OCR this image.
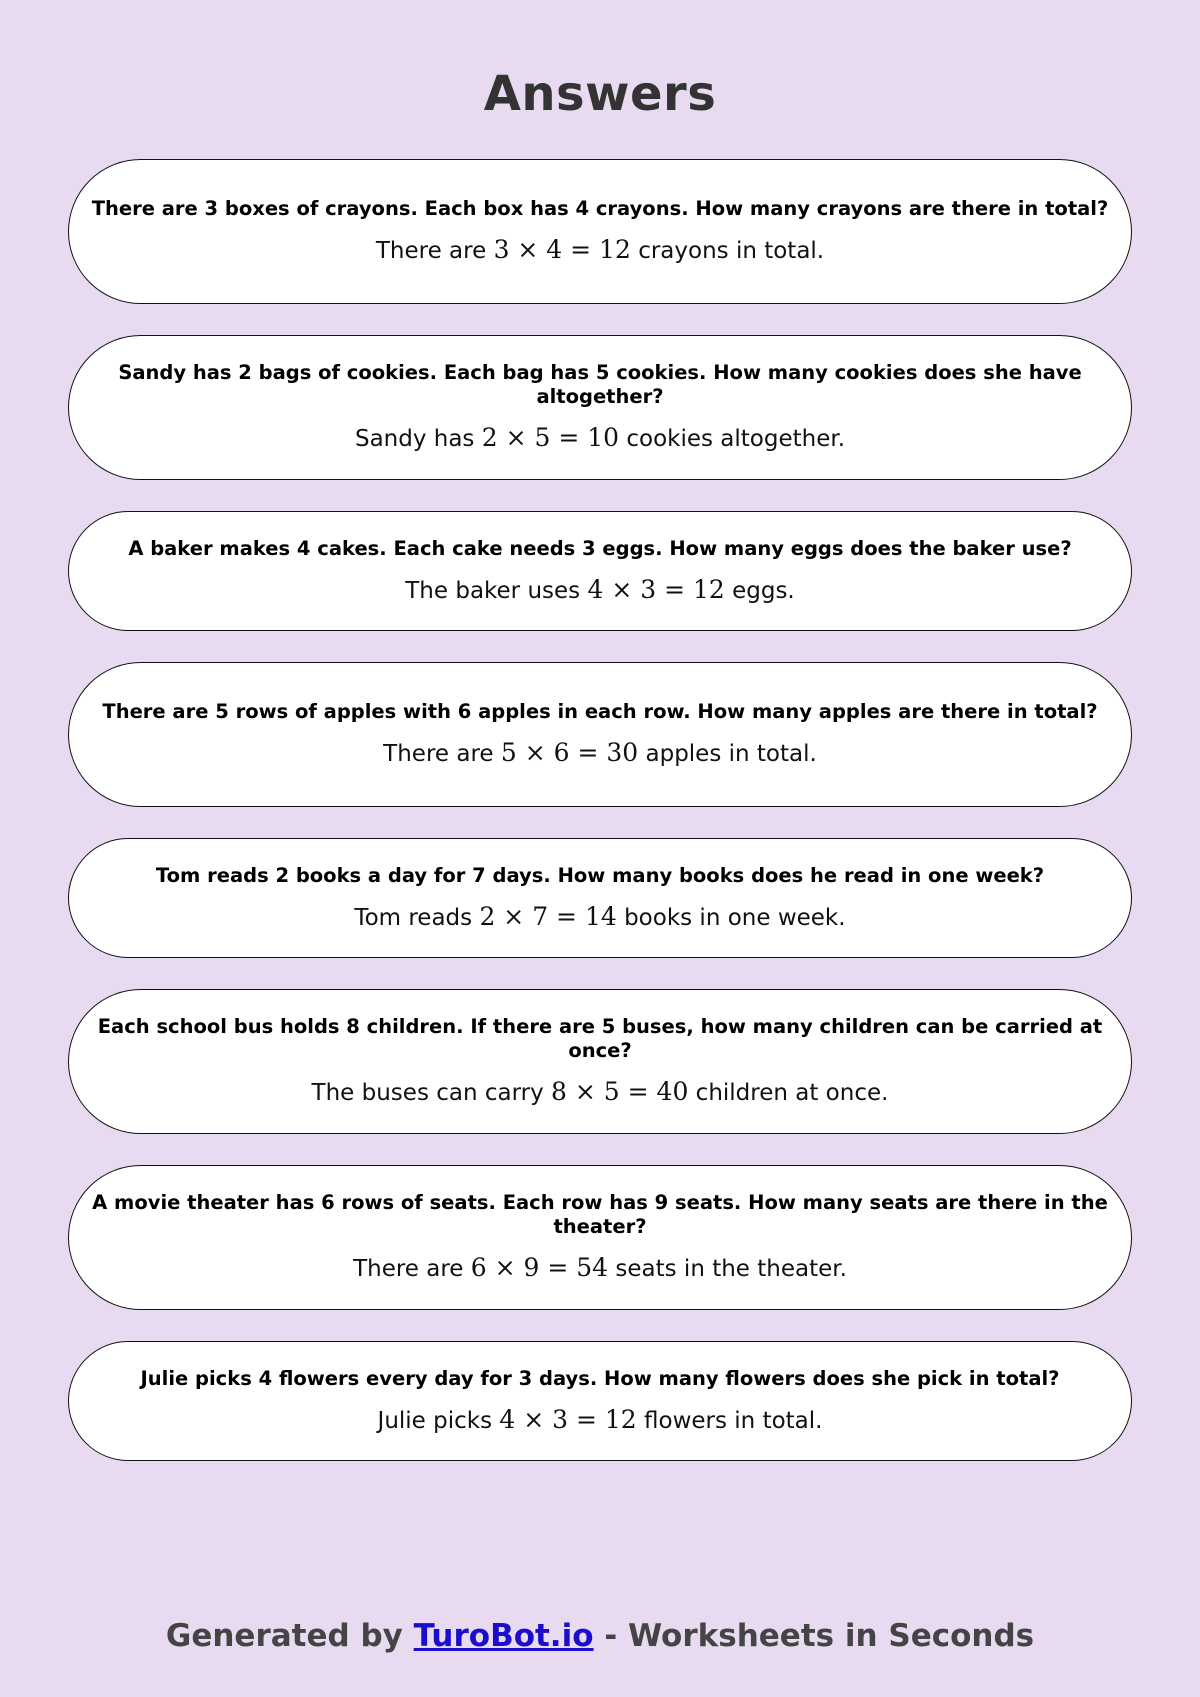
Answers
There are 3 boxes of crayons. Each box has 4 crayons. How many crayons are there in total?
There are 3 × 4 = 12 crayons in total.
Sandy has 2 bags of cookies. Each bag has 5 cookies. How many cookies does she have altogether?
Sandy has 2 × 5 = 10 cookies altogether.
A baker makes 4 cakes. Each cake needs 3 eggs. How many eggs does the baker use?
The baker uses 4 × 3 = 12 eggs.
There are 5 rows of apples with 6 apples in each row. How many apples are there in total?
There are 5 × 6 = 30 apples in total.
Tom reads 2 books a day for 7 days. How many books does he read in one week?
Tom reads 2 × 7 = 14 books in one week.
Each school bus holds 8 children. If there are 5 buses, how many children can be carried at once?
The buses can carry 8 × 5 = 40 children at once.
A movie theater has 6 rows of seats. Each row has 9 seats. How many seats are there in the theater?
There are 6 × 9 = 54 seats in the theater.
Julie picks 4 flowers every day for 3 days. How many flowers does she pick in total?
Julie picks 4 × 3 = 12 flowers in total.
Generated by TuroBot.io - Worksheets in Seconds
